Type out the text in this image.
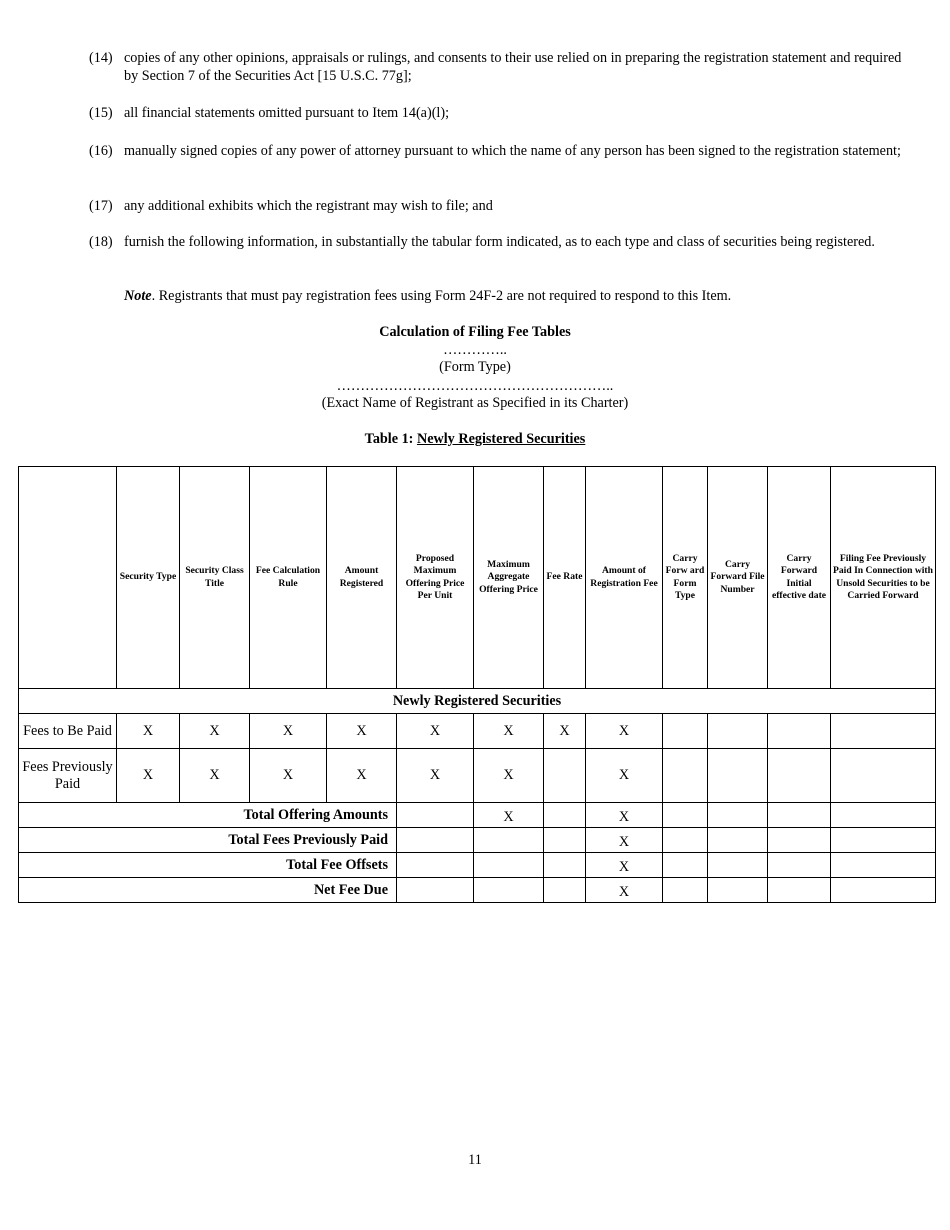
(14) copies of any other opinions, appraisals or rulings, and consents to their use relied on in preparing the registration statement and required by Section 7 of the Securities Act [15 U.S.C. 77g];
(15) all financial statements omitted pursuant to Item 14(a)(l);
(16) manually signed copies of any power of attorney pursuant to which the name of any person has been signed to the registration statement;
(17) any additional exhibits which the registrant may wish to file; and
(18) furnish the following information, in substantially the tabular form indicated, as to each type and class of securities being registered.
Note. Registrants that must pay registration fees using Form 24F-2 are not required to respond to this Item.
Calculation of Filing Fee Tables
…………..
(Form Type)
…………………………………………………..
(Exact Name of Registrant as Specified in its Charter)
Table 1: Newly Registered Securities
	Security Type	Security Class Title	Fee Calculation Rule	Amount Registered	Proposed Maximum Offering Price Per Unit	Maximum Aggregate Offering Price	Fee Rate	Amount of Registration Fee	Carry Forw ard Form Type	Carry Forward File Number	Carry Forward Initial effective date	Filing Fee Previously Paid In Connection with Unsold Securities to be Carried Forward
Newly Registered Securities												
Fees to Be Paid	X	X	X	X	X	X	X	X				
Fees Previously Paid	X	X	X	X	X	X		X				
Total Offering Amounts						X		X				
Total Fees Previously Paid								X				
Total Fee Offsets								X				
Net Fee Due								X				
11
